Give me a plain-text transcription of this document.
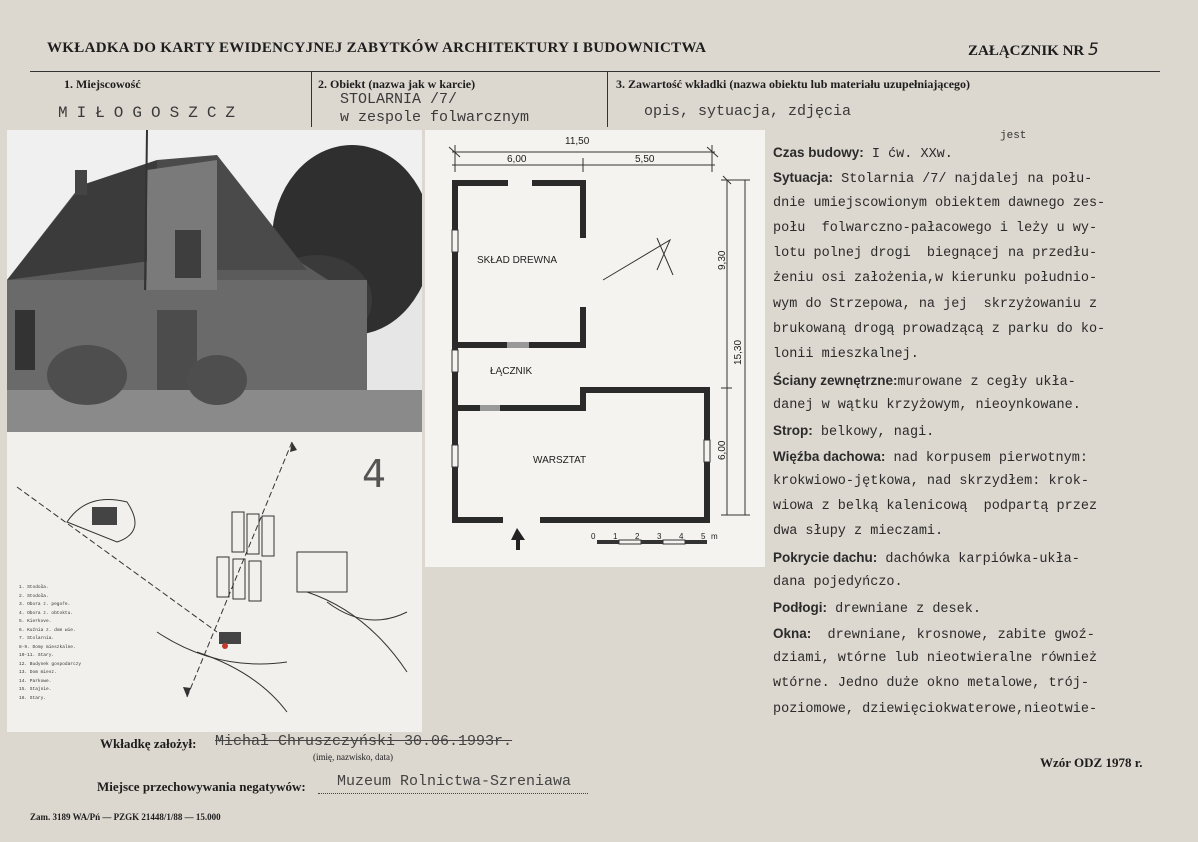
WKŁADKA DO KARTY EWIDENCYJNEJ ZABYTKÓW ARCHITEKTURY I BUDOWNICTWA	ZAŁĄCZNIK NR 5
1. Miejscowość	2. Obiekt (nazwa jak w karcie)	3. Zawartość wkładki (nazwa obiektu lub materiału uzupełniającego)
MIŁOGOSZCZ
STOLARNIA /7/
w zespole folwarcznym	opis, sytuacja, zdjęcia
4
1. Stodoła.
2. Stodoła.
3. Obora z. pegoře.
4. Obora z. obtoktu.
5. Kierkove.
6. Kuźnia z. dom wie.
7. Stolarnia.
8-9. Domy mieszkalne.
10-11. Stary.
12. Budynek gospodarczy
13. Dom miesz.
14. Parkowe.
15. Stajnie.
16. Stary.
11,50
6,00	5,50
9,30
15,30
6,00
SKŁAD DREWNA
ŁĄCZNIK
WARSZTAT
0 1 2 3 4 5 m
jest
Czas budowy: I ćw. XXw.
Sytuacja: Stolarnia /7/ najdalej na połu-
dnie umiejscowionym obiektem dawnego zes-
połu  folwarczno-pałacowego i leży u wy-
lotu polnej drogi  biegnącej na przedłu-
żeniu osi założenia,w kierunku południo-
wym do Strzepowa, na jej  skrzyżowaniu z
brukowaną drogą prowadzącą z parku do ko-
lonii mieszkalnej.
Ściany zewnętrzne:murowane z cegły ukła-
danej w wątku krzyżowym, nieoynkowane.
Strop: belkowy, nagi.
Więźba dachowa: nad korpusem pierwotnym:
krokwiowo-jętkowa, nad skrzydłem: krok-
wiowa z belką kalenicową  podpartą przez
dwa słupy z mieczami.
Pokrycie dachu: dachówka karpiówka-ukła-
dana pojedyńczo.
Podłogi: drewniane z desek.
Okna:  drewniane, krosnowe, zabite gwoź-
dziami, wtórne lub nieotwieralne również
wtórne. Jedno duże okno metalowe, trój-
poziomowe, dziewięciokwaterowe,nieotwie-
Wkładkę założył: Michał Chruszczyński 30.06.1993r.
(imię, nazwisko, data)	Wzór ODZ 1978 r.
Miejsce przechowywania negatywów: Muzeum Rolnictwa-Szreniawa
Zam. 3189 WA/Pń — PZGK 21448/1/88 — 15.000
